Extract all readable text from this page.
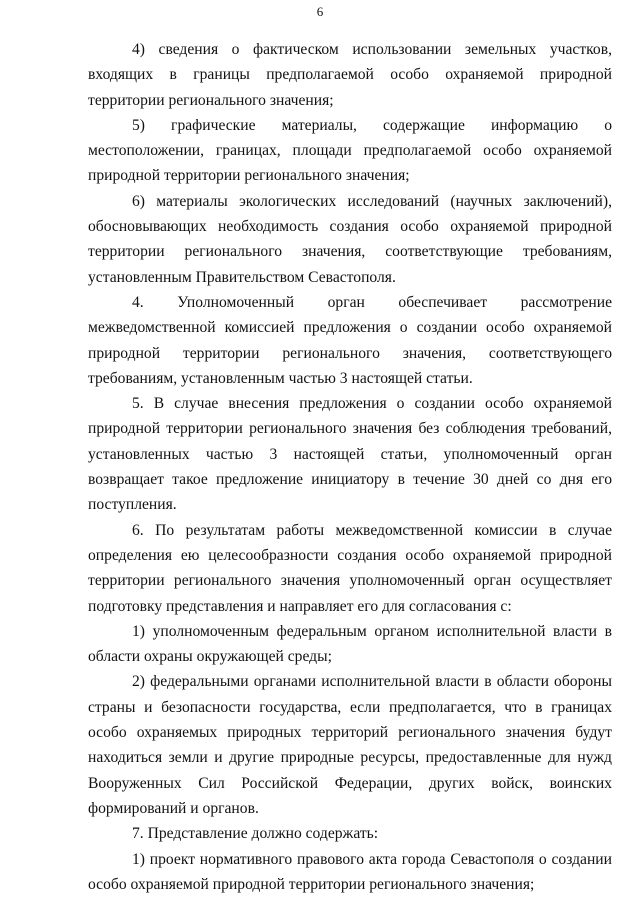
6

4) сведения о фактическом использовании земельных участков, входящих в границы предполагаемой особо охраняемой природной территории регионального значения;

5) графические материалы, содержащие информацию о местоположении, границах, площади предполагаемой особо охраняемой природной территории регионального значения;

6) материалы экологических исследований (научных заключений), обосновывающих необходимость создания особо охраняемой природной территории регионального значения, соответствующие требованиям, установленным Правительством Севастополя.

4. Уполномоченный орган обеспечивает рассмотрение межведомственной комиссией предложения о создании особо охраняемой природной территории регионального значения, соответствующего требованиям, установленным частью 3 настоящей статьи.

5. В случае внесения предложения о создании особо охраняемой природной территории регионального значения без соблюдения требований, установленных частью 3 настоящей статьи, уполномоченный орган возвращает такое предложение инициатору в течение 30 дней со дня его поступления.

6. По результатам работы межведомственной комиссии в случае определения ею целесообразности создания особо охраняемой природной территории регионального значения уполномоченный орган осуществляет подготовку представления и направляет его для согласования с:

1) уполномоченным федеральным органом исполнительной власти в области охраны окружающей среды;

2) федеральными органами исполнительной власти в области обороны страны и безопасности государства, если предполагается, что в границах особо охраняемых природных территорий регионального значения будут находиться земли и другие природные ресурсы, предоставленные для нужд Вооруженных Сил Российской Федерации, других войск, воинских формирований и органов.

7. Представление должно содержать:

1) проект нормативного правового акта города Севастополя о создании особо охраняемой природной территории регионального значения;
